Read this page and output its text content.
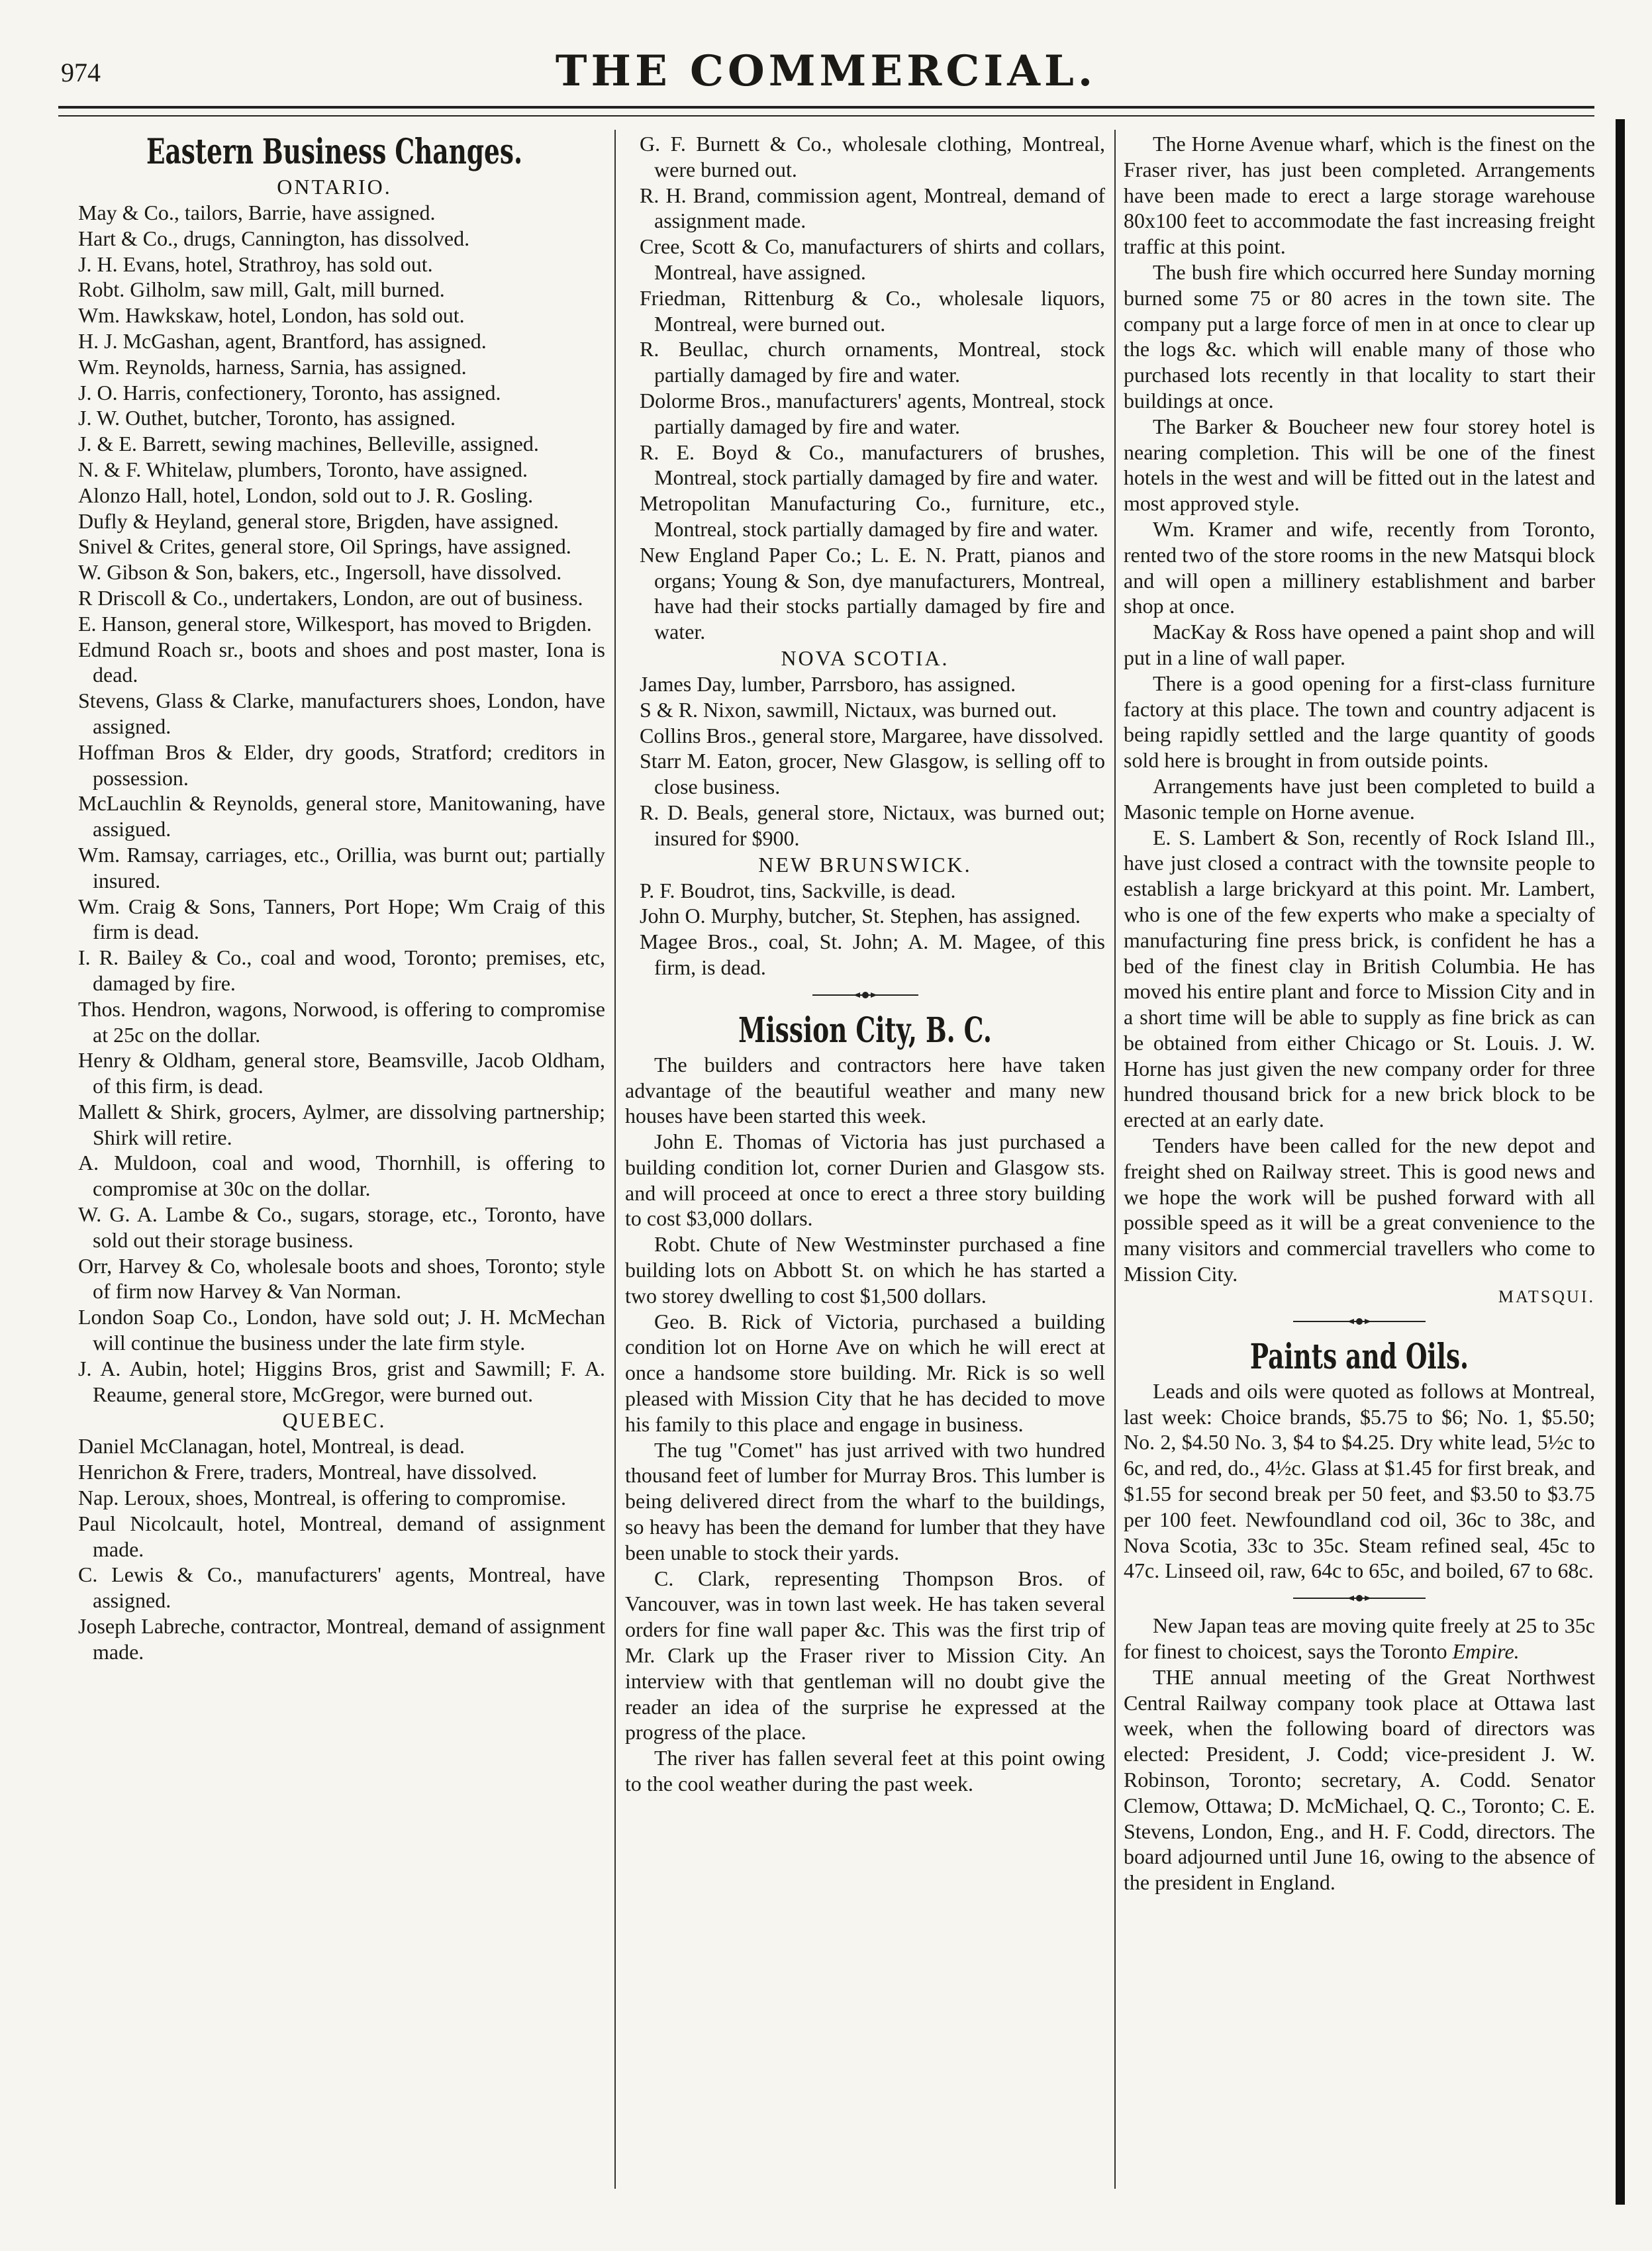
974	THE COMMERCIAL.
Eastern Business Changes.
ONTARIO.
May & Co., tailors, Barrie, have assigned.
Hart & Co., drugs, Cannington, has dissolved.
J. H. Evans, hotel, Strathroy, has sold out.
Robt. Gilholm, saw mill, Galt, mill burned.
Wm. Hawkskaw, hotel, London, has sold out.
H. J. McGashan, agent, Brantford, has assigned.
Wm. Reynolds, harness, Sarnia, has assigned.
J. O. Harris, confectionery, Toronto, has assigned.
J. W. Outhet, butcher, Toronto, has assigned.
J. & E. Barrett, sewing machines, Belleville, assigned.
N. & F. Whitelaw, plumbers, Toronto, have assigned.
Alonzo Hall, hotel, London, sold out to J. R. Gosling.
Dufly & Heyland, general store, Brigden, have assigned.
Snivel & Crites, general store, Oil Springs, have assigned.
W. Gibson & Son, bakers, etc., Ingersoll, have dissolved.
R Driscoll & Co., undertakers, London, are out of business.
E. Hanson, general store, Wilkesport, has moved to Brigden.
Edmund Roach sr., boots and shoes and post master, Iona is dead.
Stevens, Glass & Clarke, manufacturers shoes, London, have assigned.
Hoffman Bros & Elder, dry goods, Stratford; creditors in possession.
McLauchlin & Reynolds, general store, Manitowaning, have assigued.
Wm. Ramsay, carriages, etc., Orillia, was burnt out; partially insured.
Wm. Craig & Sons, Tanners, Port Hope; Wm Craig of this firm is dead.
I. R. Bailey & Co., coal and wood, Toronto; premises, etc, damaged by fire.
Thos. Hendron, wagons, Norwood, is offering to compromise at 25c on the dollar.
Henry & Oldham, general store, Beamsville, Jacob Oldham, of this firm, is dead.
Mallett & Shirk, grocers, Aylmer, are dissolving partnership; Shirk will retire.
A. Muldoon, coal and wood, Thornhill, is offering to compromise at 30c on the dollar.
W. G. A. Lambe & Co., sugars, storage, etc., Toronto, have sold out their storage business.
Orr, Harvey & Co, wholesale boots and shoes, Toronto; style of firm now Harvey & Van Norman.
London Soap Co., London, have sold out; J. H. McMechan will continue the business under the late firm style.
J. A. Aubin, hotel; Higgins Bros, grist and Sawmill; F. A. Reaume, general store, McGregor, were burned out.
QUEBEC.
Daniel McClanagan, hotel, Montreal, is dead.
Henrichon & Frere, traders, Montreal, have dissolved.
Nap. Leroux, shoes, Montreal, is offering to compromise.
Paul Nicolcault, hotel, Montreal, demand of assignment made.
C. Lewis & Co., manufacturers' agents, Montreal, have assigned.
Joseph Labreche, contractor, Montreal, demand of assignment made.
G. F. Burnett & Co., wholesale clothing, Montreal, were burned out.
R. H. Brand, commission agent, Montreal, demand of assignment made.
Cree, Scott & Co, manufacturers of shirts and collars, Montreal, have assigned.
Friedman, Rittenburg & Co., wholesale liquors, Montreal, were burned out.
R. Beullac, church ornaments, Montreal, stock partially damaged by fire and water.
Dolorme Bros., manufacturers' agents, Montreal, stock partially damaged by fire and water.
R. E. Boyd & Co., manufacturers of brushes, Montreal, stock partially damaged by fire and water.
Metropolitan Manufacturing Co., furniture, etc., Montreal, stock partially damaged by fire and water.
New England Paper Co.; L. E. N. Pratt, pianos and organs; Young & Son, dye manufacturers, Montreal, have had their stocks partially damaged by fire and water.
NOVA SCOTIA.
James Day, lumber, Parrsboro, has assigned.
S & R. Nixon, sawmill, Nictaux, was burned out.
Collins Bros., general store, Margaree, have dissolved.
Starr M. Eaton, grocer, New Glasgow, is selling off to close business.
R. D. Beals, general store, Nictaux, was burned out; insured for $900.
NEW BRUNSWICK.
P. F. Boudrot, tins, Sackville, is dead.
John O. Murphy, butcher, St. Stephen, has assigned.
Magee Bros., coal, St. John; A. M. Magee, of this firm, is dead.
Mission City, B. C.
The builders and contractors here have taken advantage of the beautiful weather and many new houses have been started this week.
John E. Thomas of Victoria has just purchased a building condition lot, corner Durien and Glasgow sts. and will proceed at once to erect a three story building to cost $3,000 dollars.
Robt. Chute of New Westminster purchased a fine building lots on Abbott St. on which he has started a two storey dwelling to cost $1,500 dollars.
Geo. B. Rick of Victoria, purchased a building condition lot on Horne Ave on which he will erect at once a handsome store building. Mr. Rick is so well pleased with Mission City that he has decided to move his family to this place and engage in business.
The tug "Comet" has just arrived with two hundred thousand feet of lumber for Murray Bros. This lumber is being delivered direct from the wharf to the buildings, so heavy has been the demand for lumber that they have been unable to stock their yards.
C. Clark, representing Thompson Bros. of Vancouver, was in town last week. He has taken several orders for fine wall paper &c. This was the first trip of Mr. Clark up the Fraser river to Mission City. An interview with that gentleman will no doubt give the reader an idea of the surprise he expressed at the progress of the place.
The river has fallen several feet at this point owing to the cool weather during the past week.
The Horne Avenue wharf, which is the finest on the Fraser river, has just been completed. Arrangements have been made to erect a large storage warehouse 80x100 feet to accommodate the fast increasing freight traffic at this point.
The bush fire which occurred here Sunday morning burned some 75 or 80 acres in the town site. The company put a large force of men in at once to clear up the logs &c. which will enable many of those who purchased lots recently in that locality to start their buildings at once.
The Barker & Boucheer new four storey hotel is nearing completion. This will be one of the finest hotels in the west and will be fitted out in the latest and most approved style.
Wm. Kramer and wife, recently from Toronto, rented two of the store rooms in the new Matsqui block and will open a millinery establishment and barber shop at once.
MacKay & Ross have opened a paint shop and will put in a line of wall paper.
There is a good opening for a first-class furniture factory at this place. The town and country adjacent is being rapidly settled and the large quantity of goods sold here is brought in from outside points.
Arrangements have just been completed to build a Masonic temple on Horne avenue.
E. S. Lambert & Son, recently of Rock Island Ill., have just closed a contract with the townsite people to establish a large brickyard at this point. Mr. Lambert, who is one of the few experts who make a specialty of manufacturing fine press brick, is confident he has a bed of the finest clay in British Columbia. He has moved his entire plant and force to Mission City and in a short time will be able to supply as fine brick as can be obtained from either Chicago or St. Louis. J. W. Horne has just given the new company order for three hundred thousand brick for a new brick block to be erected at an early date.
Tenders have been called for the new depot and freight shed on Railway street. This is good news and we hope the work will be pushed forward with all possible speed as it will be a great convenience to the many visitors and commercial travellers who come to Mission City.
MATSQUI.
Paints and Oils.
Leads and oils were quoted as follows at Montreal, last week: Choice brands, $5.75 to $6; No. 1, $5.50; No. 2, $4.50 No. 3, $4 to $4.25. Dry white lead, 5½c to 6c, and red, do., 4½c. Glass at $1.45 for first break, and $1.55 for second break per 50 feet, and $3.50 to $3.75 per 100 feet. Newfoundland cod oil, 36c to 38c, and Nova Scotia, 33c to 35c. Steam refined seal, 45c to 47c. Linseed oil, raw, 64c to 65c, and boiled, 67 to 68c.
New Japan teas are moving quite freely at 25 to 35c for finest to choicest, says the Toronto Empire.
THE annual meeting of the Great Northwest Central Railway company took place at Ottawa last week, when the following board of directors was elected: President, J. Codd; vice-president J. W. Robinson, Toronto; secretary, A. Codd. Senator Clemow, Ottawa; D. McMichael, Q. C., Toronto; C. E. Stevens, London, Eng., and H. F. Codd, directors. The board adjourned until June 16, owing to the absence of the president in England.
